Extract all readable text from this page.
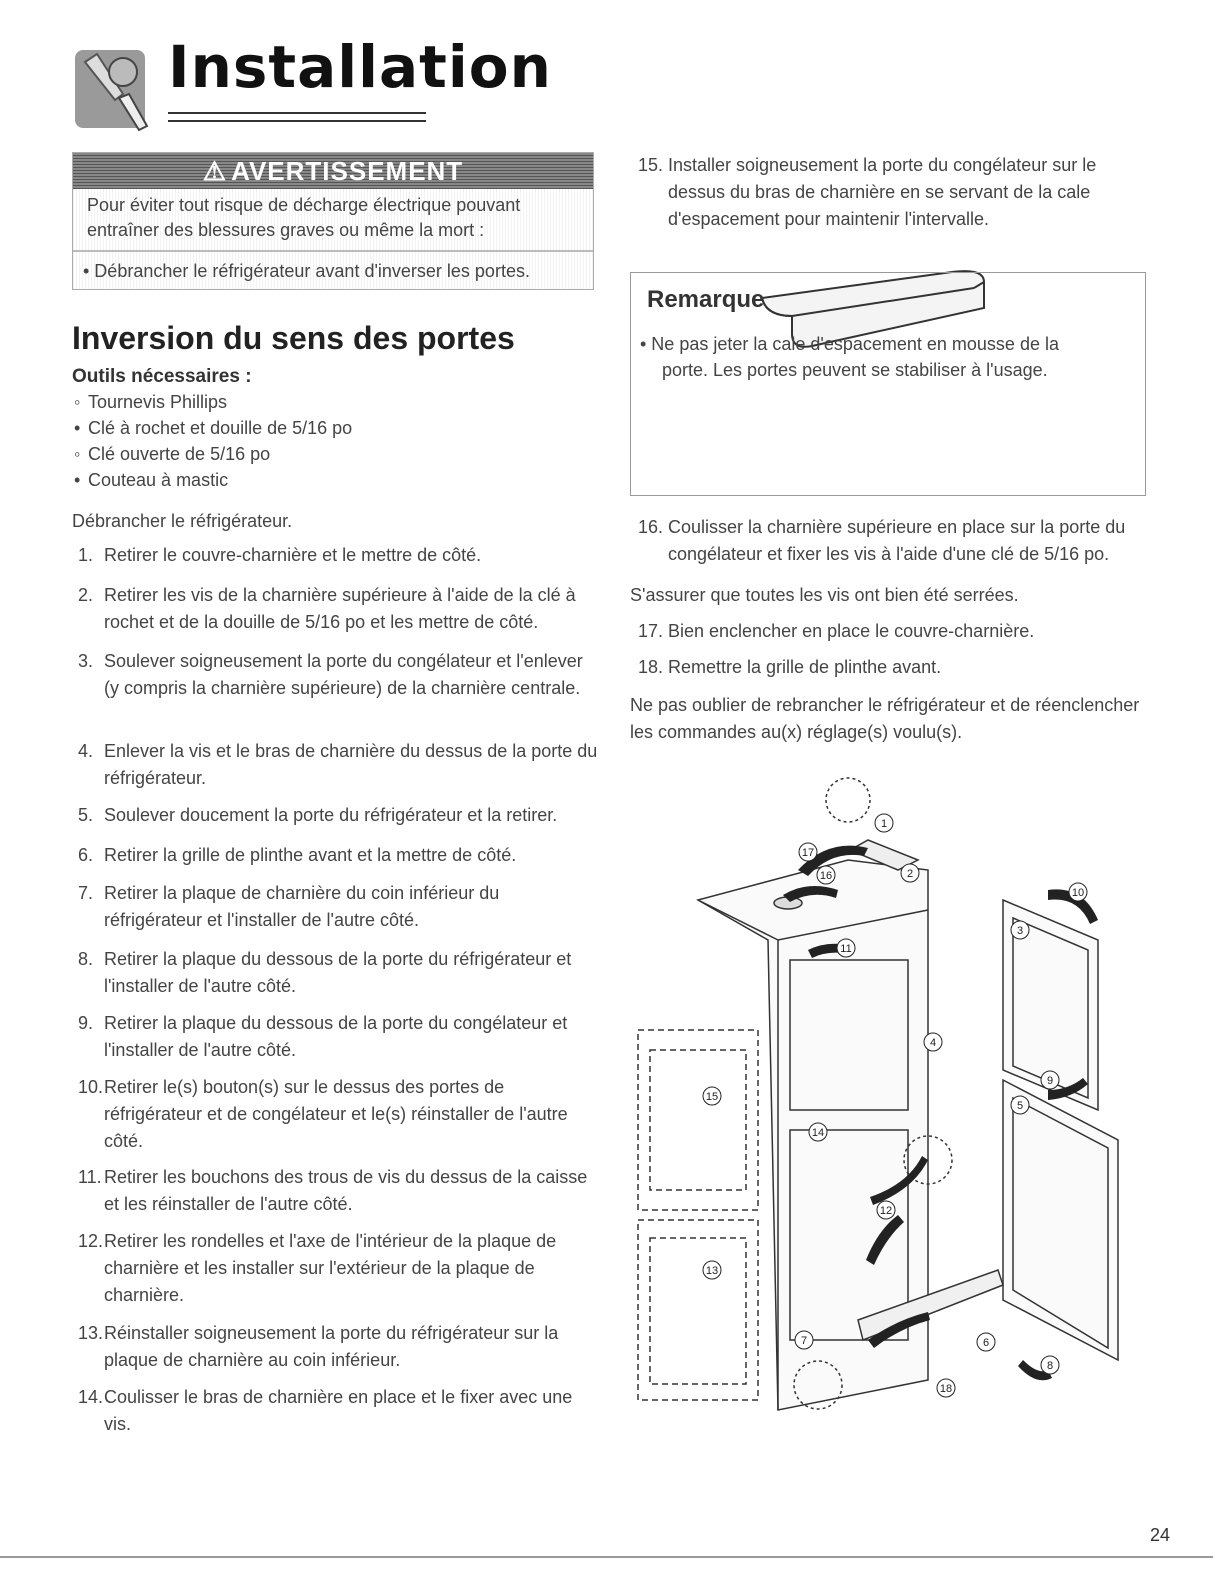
Installation
⚠ AVERTISSEMENT
Pour éviter tout risque de décharge électrique pouvant
entraîner des blessures graves ou même la mort :
• Débrancher le réfrigérateur avant d'inverser les portes.
Inversion du sens des portes
Outils nécessaires :
◦ Tournevis Phillips
• Clé à rochet et douille de 5/16 po
◦ Clé ouverte de 5/16 po
• Couteau à mastic
Débrancher le réfrigérateur.
1. Retirer le couvre-charnière et le mettre de côté.
2. Retirer les vis de la charnière supérieure à l'aide de la clé à rochet et de la douille de 5/16 po et les mettre de côté.
3. Soulever soigneusement la porte du congélateur et l'enlever (y compris la charnière supérieure) de la charnière centrale.
4. Enlever la vis et le bras de charnière du dessus de la porte du réfrigérateur.
5. Soulever doucement la porte du réfrigérateur et la retirer.
6. Retirer la grille de plinthe avant et la mettre de côté.
7. Retirer la plaque de charnière du coin inférieur du réfrigérateur et l'installer de l'autre côté.
8. Retirer la plaque du dessous de la porte du réfrigérateur et l'installer de l'autre côté.
9. Retirer la plaque du dessous de la porte du congélateur et l'installer de l'autre côté.
10. Retirer le(s) bouton(s) sur le dessus des portes de réfrigérateur et de congélateur et le(s) réinstaller de l'autre côté.
11. Retirer les bouchons des trous de vis du dessus de la caisse et les réinstaller de l'autre côté.
12. Retirer les rondelles et l'axe de l'intérieur de la plaque de charnière et les installer sur l'extérieur de la plaque de charnière.
13. Réinstaller soigneusement la porte du réfrigérateur sur la plaque de charnière au coin inférieur.
14. Coulisser le bras de charnière en place et le fixer avec une vis.
15. Installer soigneusement la porte du congélateur sur le dessus du bras de charnière en se servant de la cale d'espacement pour maintenir l'intervalle.
Remarque
• Ne pas jeter la cale d'espacement en mousse de la
porte. Les portes peuvent se stabiliser à l'usage.
16. Coulisser la charnière supérieure en place sur la porte du congélateur et fixer les vis à l'aide d'une clé de 5/16 po.
S'assurer que toutes les vis ont bien été serrées.
17. Bien enclencher en place le couvre-charnière.
18. Remettre la grille de plinthe avant.
Ne pas oublier de rebrancher le réfrigérateur et de réenclencher les commandes au(x) réglage(s) voulu(s).
1
2
3
4
5
6
7
8
9
10
11
12
13
14
15
16
17
18
24
